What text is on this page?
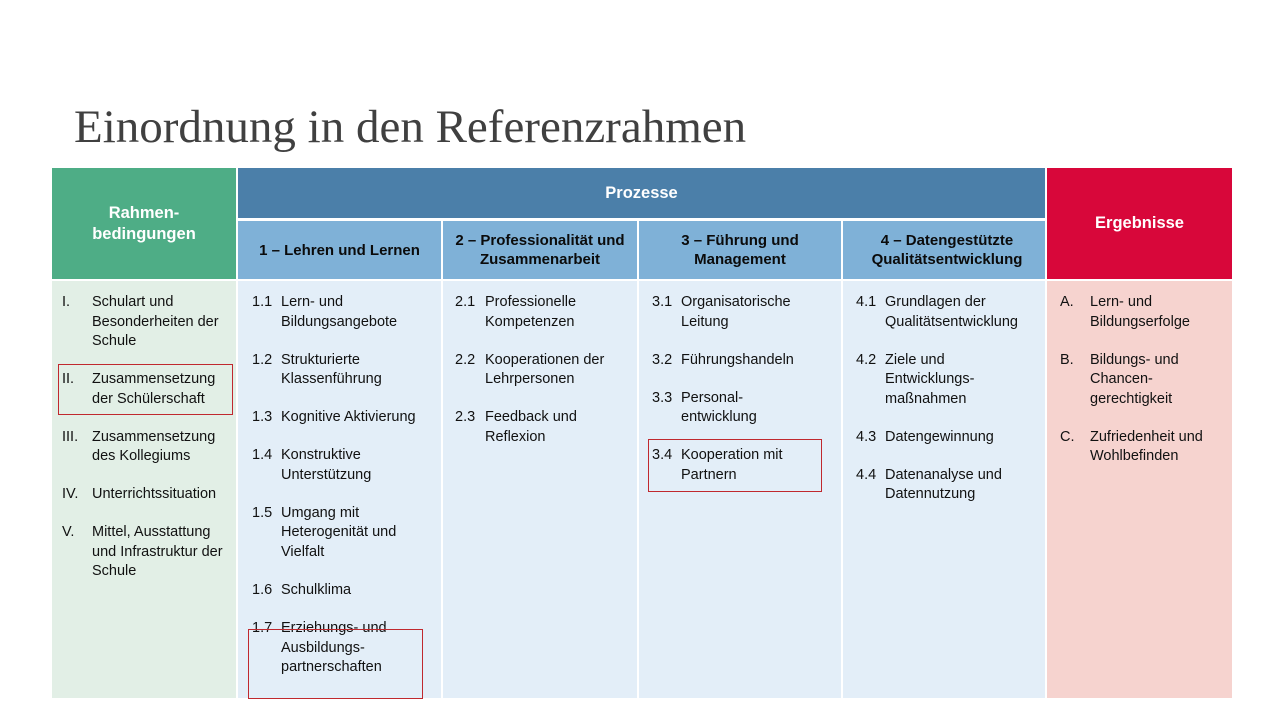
Einordnung in den Referenzrahmen
Rahmen-
bedingungen
Prozesse
Ergebnisse
1 – Lehren und Lernen
2 – Professionalität und Zusammenarbeit
3 – Führung und Management
4 – Datengestützte Qualitätsentwicklung
I.	Schulart und Besonderheiten der Schule
II.	Zusammensetzung der Schülerschaft
III. Zusammensetzung des Kollegiums
IV. Unterrichtssituation
V.	Mittel, Ausstattung und Infrastruktur der Schule
1.1 Lern- und Bildungsangebote
1.2 Strukturierte Klassenführung
1.3 Kognitive Aktivierung
1.4 Konstruktive Unterstützung
1.5 Umgang mit Heterogenität und Vielfalt
1.6 Schulklima
1.7 Erziehungs- und Ausbildungs-partnerschaften
2.1 Professionelle Kompetenzen
2.2 Kooperationen der Lehrpersonen
2.3 Feedback und Reflexion
3.1 Organisatorische Leitung
3.2 Führungshandeln
3.3 Personal-entwicklung
3.4 Kooperation mit Partnern
4.1 Grundlagen der Qualitätsentwicklung
4.2 Ziele und Entwicklungs-maßnahmen
4.3 Datengewinnung
4.4 Datenanalyse und Datennutzung
A.	Lern- und Bildungserfolge
B.	Bildungs- und Chancen-gerechtigkeit
C.	Zufriedenheit und Wohlbefinden
